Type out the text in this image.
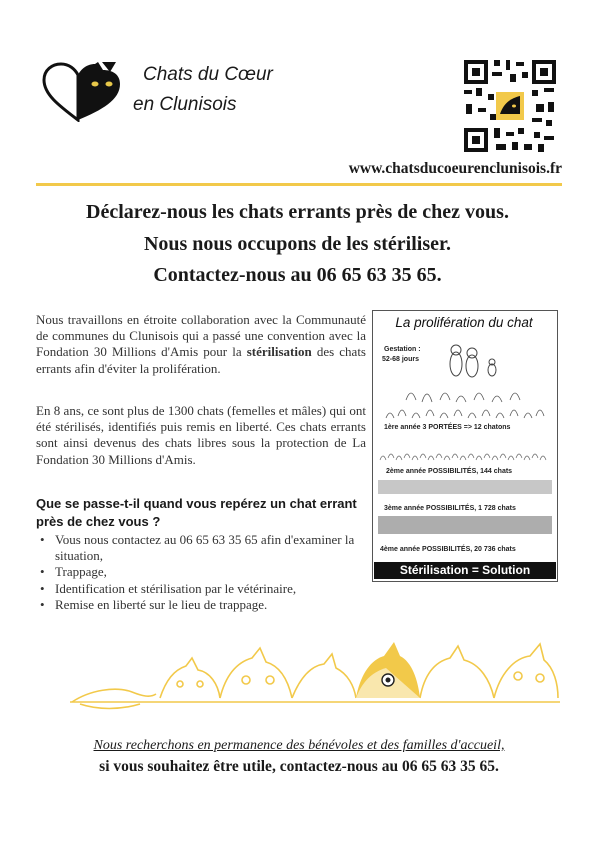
Chats du Cœur
en Clunisois
www.chatsducoeurenclunisois.fr
Déclarez-nous les chats errants près de chez vous.
Nous nous occupons de les stériliser.
Contactez-nous au 06 65 63 35 65.
Nous travaillons en étroite collaboration avec la Communauté de communes du Clunisois qui a passé une convention avec la Fondation 30 Millions d'Amis pour la stérilisation des chats errants afin d'éviter la prolifération.
En 8 ans, ce sont plus de 1300 chats (femelles et mâles) qui ont été stérilisés, identifiés puis remis en liberté. Ces chats errants sont ainsi devenus des chats libres sous la protection de La Fondation 30 Millions d'Amis.
Que se passe-t-il quand vous repérez un chat errant près de chez vous ?
• Vous nous contactez au 06 65 63 35 65 afin d'examiner la situation,
• Trappage,
• Identification et stérilisation par le vétérinaire,
• Remise en liberté sur le lieu de trappage.
La prolifération du chat
Gestation :
52-68 jours
1ère année 3 PORTÉES => 12 chatons
2ème année POSSIBILITÉS, 144 chats
3ème année POSSIBILITÉS, 1 728 chats
4ème année POSSIBILITÉS, 20 736 chats
Stérilisation = Solution
Nous recherchons en permanence des bénévoles et des familles d'accueil,
si vous souhaitez être utile, contactez-nous au 06 65 63 35 65.
